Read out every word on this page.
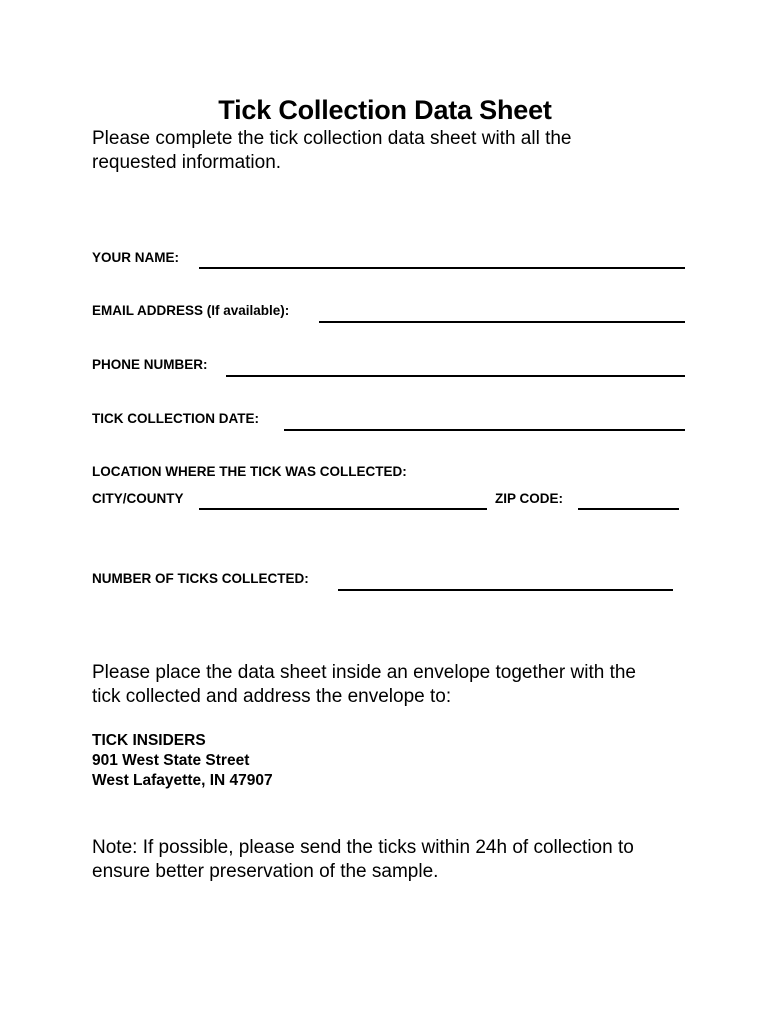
Tick Collection Data Sheet
Please complete the tick collection data sheet with all the
requested information.
YOUR NAME:
EMAIL ADDRESS (If available):
PHONE NUMBER:
TICK COLLECTION DATE:
LOCATION WHERE THE TICK WAS COLLECTED:
CITY/COUNTY	ZIP CODE:
NUMBER OF TICKS COLLECTED:
Please place the data sheet inside an envelope together with the
tick collected and address the envelope to:
TICK INSIDERS
901 West State Street
West Lafayette, IN 47907
Note: If possible, please send the ticks within 24h of collection to
ensure better preservation of the sample.
